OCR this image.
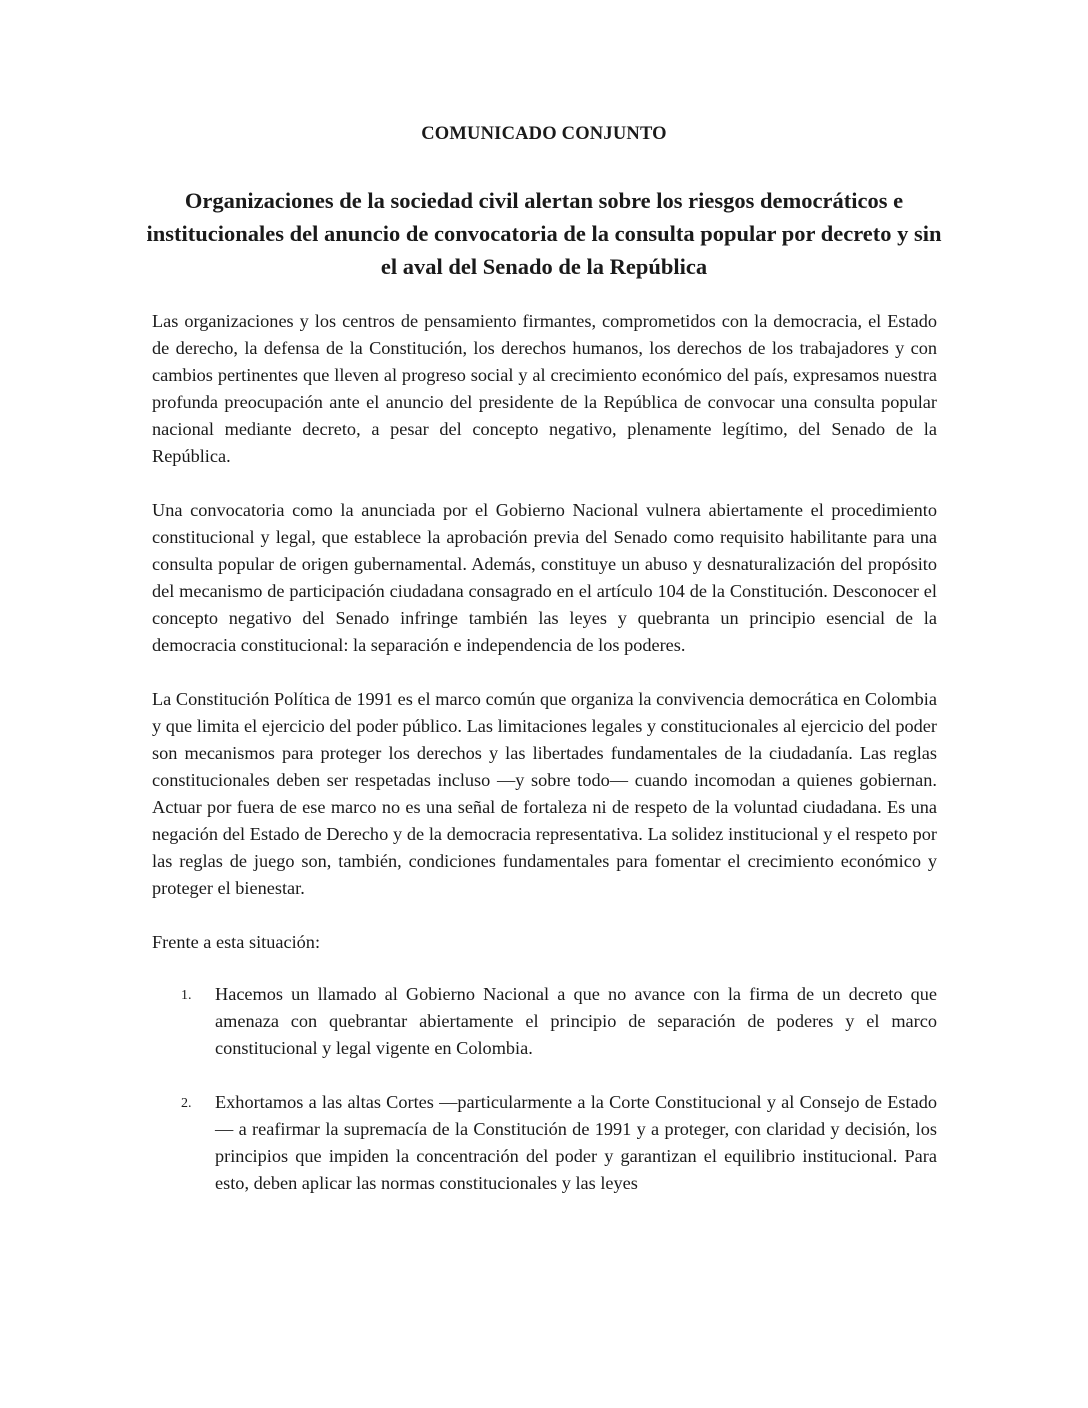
COMUNICADO CONJUNTO
Organizaciones de la sociedad civil alertan sobre los riesgos democráticos e institucionales del anuncio de convocatoria de la consulta popular por decreto y sin el aval del Senado de la República

Las organizaciones y los centros de pensamiento firmantes, comprometidos con la democracia, el Estado de derecho, la defensa de la Constitución, los derechos humanos, los derechos de los trabajadores y con cambios pertinentes que lleven al progreso social y al crecimiento económico del país, expresamos nuestra profunda preocupación ante el anuncio del presidente de la República de convocar una consulta popular nacional mediante decreto, a pesar del concepto negativo, plenamente legítimo, del Senado de la República.

Una convocatoria como la anunciada por el Gobierno Nacional vulnera abiertamente el procedimiento constitucional y legal, que establece la aprobación previa del Senado como requisito habilitante para una consulta popular de origen gubernamental. Además, constituye un abuso y desnaturalización del propósito del mecanismo de participación ciudadana consagrado en el artículo 104 de la Constitución. Desconocer el concepto negativo del Senado infringe también las leyes y quebranta un principio esencial de la democracia constitucional: la separación e independencia de los poderes.

La Constitución Política de 1991 es el marco común que organiza la convivencia democrática en Colombia y que limita el ejercicio del poder público. Las limitaciones legales y constitucionales al ejercicio del poder son mecanismos para proteger los derechos y las libertades fundamentales de la ciudadanía. Las reglas constitucionales deben ser respetadas incluso —y sobre todo— cuando incomodan a quienes gobiernan. Actuar por fuera de ese marco no es una señal de fortaleza ni de respeto de la voluntad ciudadana. Es una negación del Estado de Derecho y de la democracia representativa. La solidez institucional y el respeto por las reglas de juego son, también, condiciones fundamentales para fomentar el crecimiento económico y proteger el bienestar.

Frente a esta situación:

1. Hacemos un llamado al Gobierno Nacional a que no avance con la firma de un decreto que amenaza con quebrantar abiertamente el principio de separación de poderes y el marco constitucional y legal vigente en Colombia.
2. Exhortamos a las altas Cortes —particularmente a la Corte Constitucional y al Consejo de Estado— a reafirmar la supremacía de la Constitución de 1991 y a proteger, con claridad y decisión, los principios que impiden la concentración del poder y garantizan el equilibrio institucional. Para esto, deben aplicar las normas constitucionales y las leyes
